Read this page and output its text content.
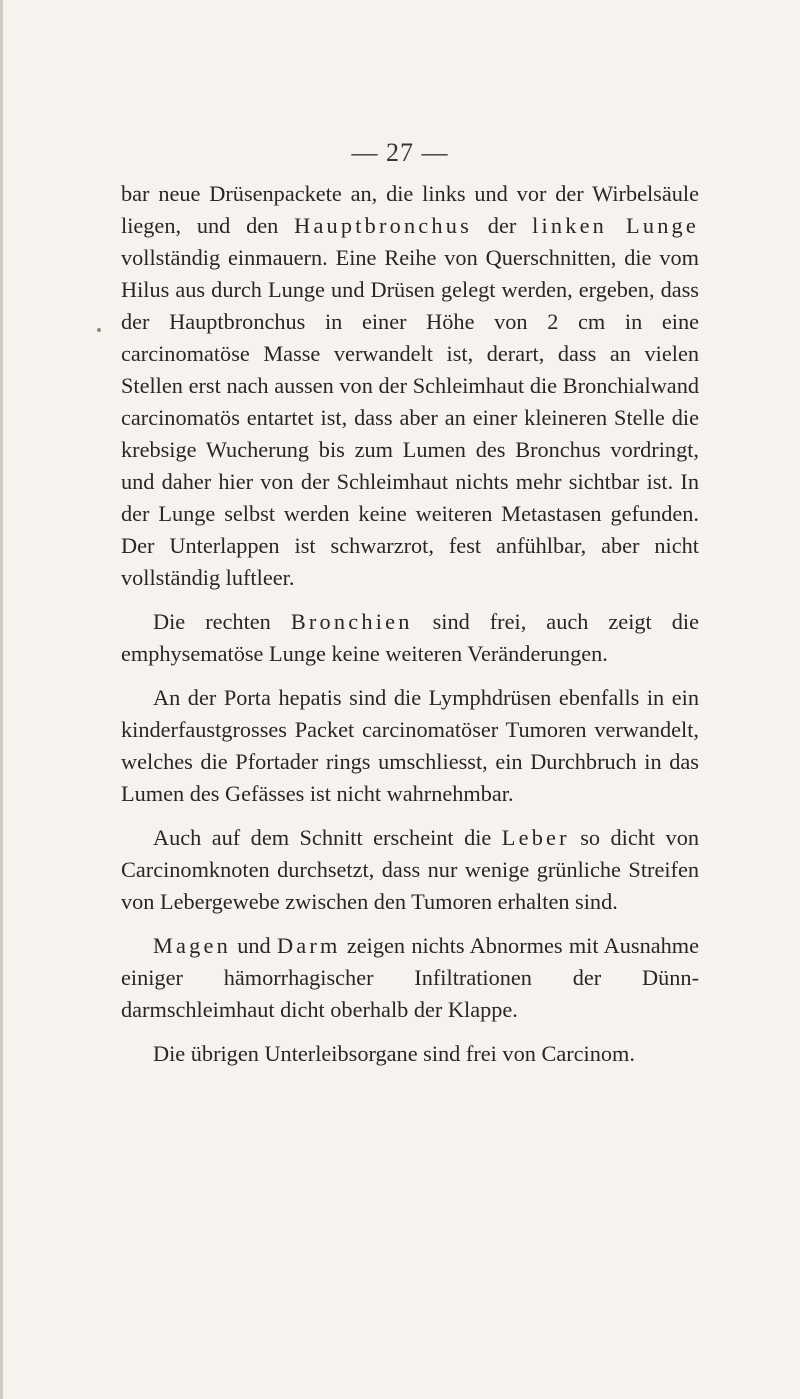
— 27 —

bar neue Drüsenpackete an, die links und vor der Wirbelsäule liegen, und den Hauptbronchus der linken Lunge vollständig einmauern. Eine Reihe von Querschnitten, die vom Hilus aus durch Lunge und Drüsen gelegt werden, ergeben, dass der Hauptbronchus in einer Höhe von 2 cm in eine carcinomatöse Masse verwandelt ist, derart, dass an vielen Stellen erst nach aussen von der Schleimhaut die Bronchialwand carcinomatös entartet ist, dass aber an einer kleineren Stelle die krebsige Wucherung bis zum Lumen des Bronchus vordringt, und daher hier von der Schleimhaut nichts mehr sichtbar ist. In der Lunge selbst werden keine weiteren Metastasen gefunden. Der Unterlappen ist schwarzrot, fest anfühlbar, aber nicht vollständig luftleer.

Die rechten Bronchien sind frei, auch zeigt die emphysematöse Lunge keine weiteren Veränderungen.

An der Porta hepatis sind die Lymphdrüsen ebenfalls in ein kinderfaustgrosses Packet carcinomatöser Tumoren verwandelt, welches die Pfortader rings umschliesst, ein Durchbruch in das Lumen des Gefässes ist nicht wahrnehmbar.

Auch auf dem Schnitt erscheint die Leber so dicht von Carcinomknoten durchsetzt, dass nur wenige grünliche Streifen von Lebergewebe zwischen den Tumoren erhalten sind.

Magen und Darm zeigen nichts Abnormes mit Ausnahme einiger hämorrhagischer Infiltrationen der Dünndarmschleimhaut dicht oberhalb der Klappe.

Die übrigen Unterleibsorgane sind frei von Carcinom.
